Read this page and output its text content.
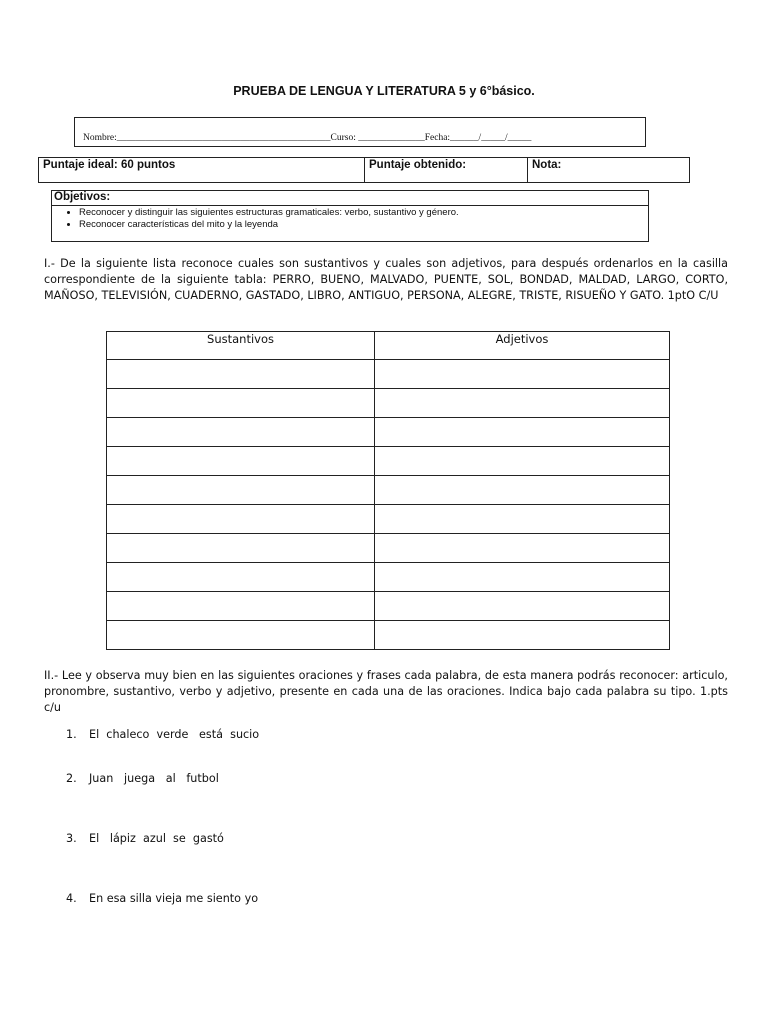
PRUEBA DE LENGUA Y LITERATURA 5 y 6°básico.
Nombre:_____________________________________________Curso: ______________Fecha:______/_____/_____
Puntaje ideal: 60 puntos	Puntaje obtenido:	Nota:
Objetivos:
• Reconocer y distinguir las siguientes estructuras gramaticales: verbo, sustantivo y género.
• Reconocer características del mito y la leyenda
I.- De la siguiente lista reconoce cuales son sustantivos y cuales son adjetivos, para después ordenarlos en la casilla correspondiente de la siguiente tabla: PERRO, BUENO, MALVADO, PUENTE, SOL, BONDAD, MALDAD, LARGO, CORTO, MAÑOSO, TELEVISIÓN, CUADERNO, GASTADO, LIBRO, ANTIGUO, PERSONA, ALEGRE, TRISTE, RISUEÑO Y GATO. 1ptO C/U
Sustantivos	Adjetivos

II.- Lee y observa muy bien en las siguientes oraciones y frases cada palabra, de esta manera podrás reconocer: articulo, pronombre, sustantivo, verbo y adjetivo, presente en cada una de las oraciones. Indica bajo cada palabra su tipo. 1.pts c/u
1. El  chaleco  verde   está  sucio
2. Juan   juega   al   futbol
3. El   lápiz  azul  se  gastó
4. En esa silla vieja me siento yo
